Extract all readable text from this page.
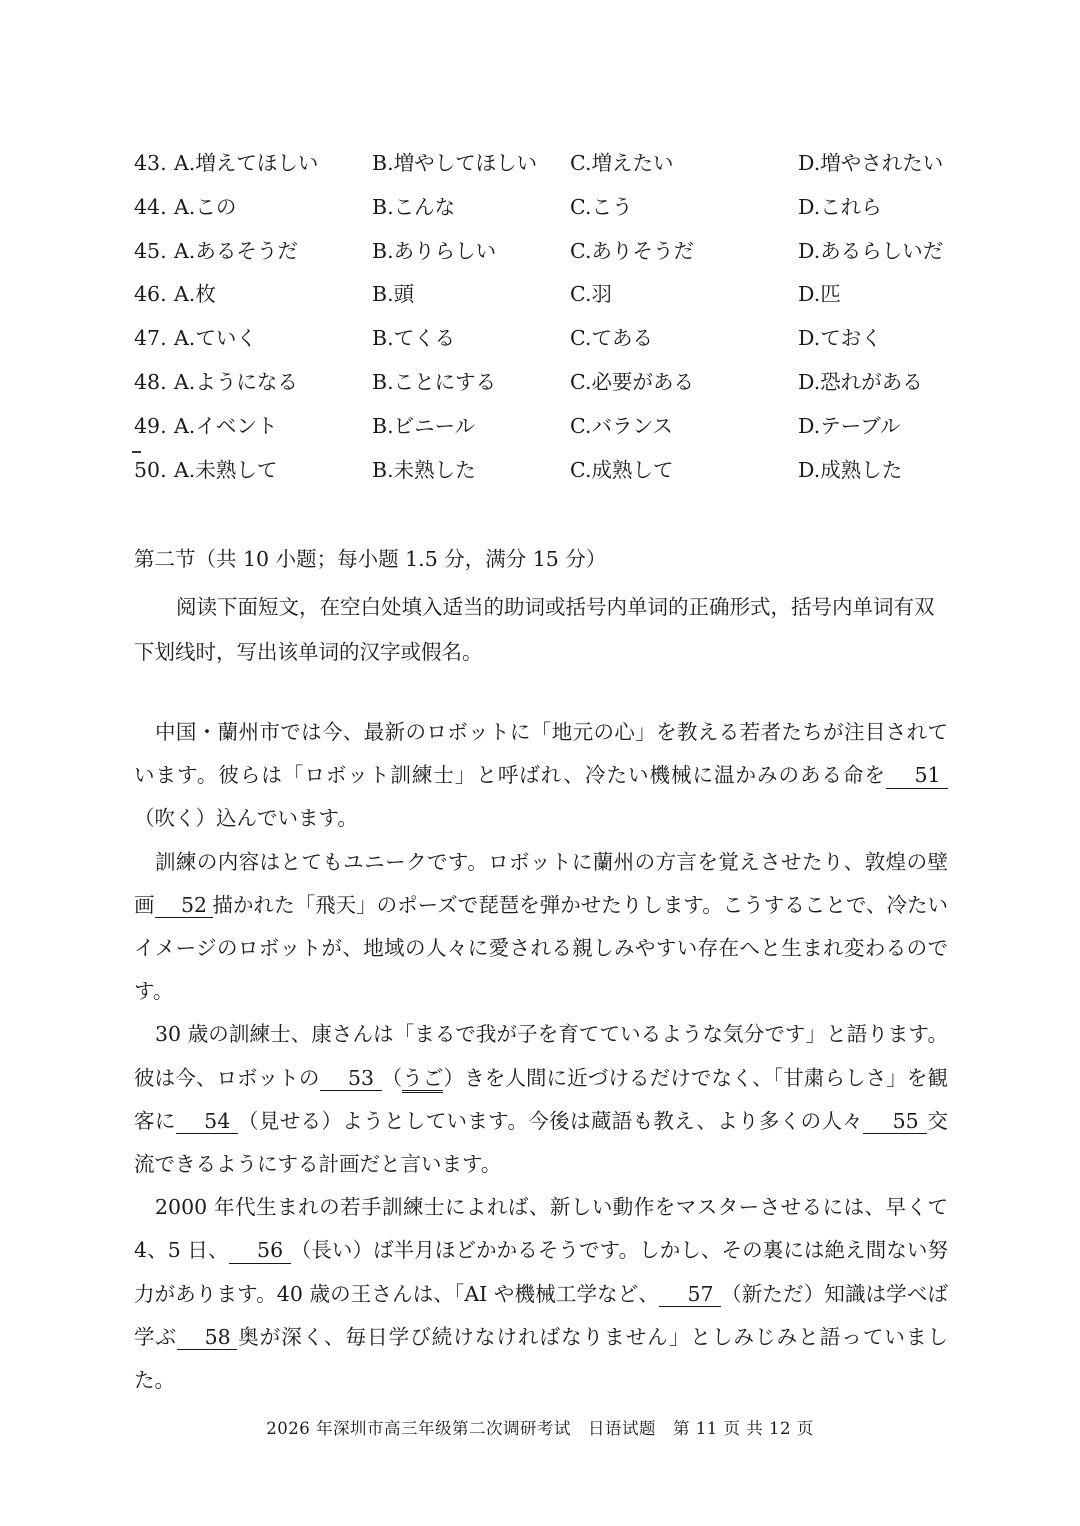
43. A.増えてほしい	B.増やしてほしい C.増えたい	D.増やされたい
44. A.この	B.こんな	C.こう	D.これら
45. A.あるそうだ	B.ありらしい	C.ありそうだ	D.あるらしいだ
46. A.枚	B.頭	C.羽	D.匹
47. A.ていく	B.てくる	C.てある	D.ておく
48. A.ようになる	B.ことにする	C.必要がある	D.恐れがある
49. A.イベント	B.ビニール	C.バランス	D.テーブル
50. A.未熟して	B.未熟した	C.成熟して	D.成熟した
第二节（共 10 小题；每小题 1.5 分，满分 15 分）
阅读下面短文，在空白处填入适当的助词或括号内单词的正确形式，括号内单词有双下划线时，写出该单词的汉字或假名。

中国・蘭州市では今、最新のロボットに「地元の心」を教える若者たちが注目されています。彼らは「ロボット訓練士」と呼ばれ、冷たい機械に温かみのある命を 51（吹く）込んでいます。

訓練の内容はとてもユニークです。ロボットに蘭州の方言を覚えさせたり、敦煌の壁画 52 描かれた「飛天」のポーズで琵琶を弾かせたりします。こうすることで、冷たいイメージのロボットが、地域の人々に愛される親しみやすい存在へと生まれ変わるのです。

30 歳の訓練士、康さんは「まるで我が子を育てているような気分です」と語ります。彼は今、ロボットの 53 （うご）きを人間に近づけるだけでなく、「甘粛らしさ」を観客に 54 （見せる）ようとしています。今後は蔵語も教え、より多くの人々 55 交流できるようにする計画だと言います。

2000 年代生まれの若手訓練士によれば、新しい動作をマスターさせるには、早くて 4、5 日、 56 （長い）ば半月ほどかかるそうです。しかし、その裏には絶え間ない努力があります。40 歳の王さんは、「AI や機械工学など、 57 （新ただ）知識は学べば学ぶ 58 奥が深く、毎日学び続けなければなりません」としみじみと語っていました。

2026 年深圳市高三年级第二次调研考试　日语试题　第 11 页 共 12 页
